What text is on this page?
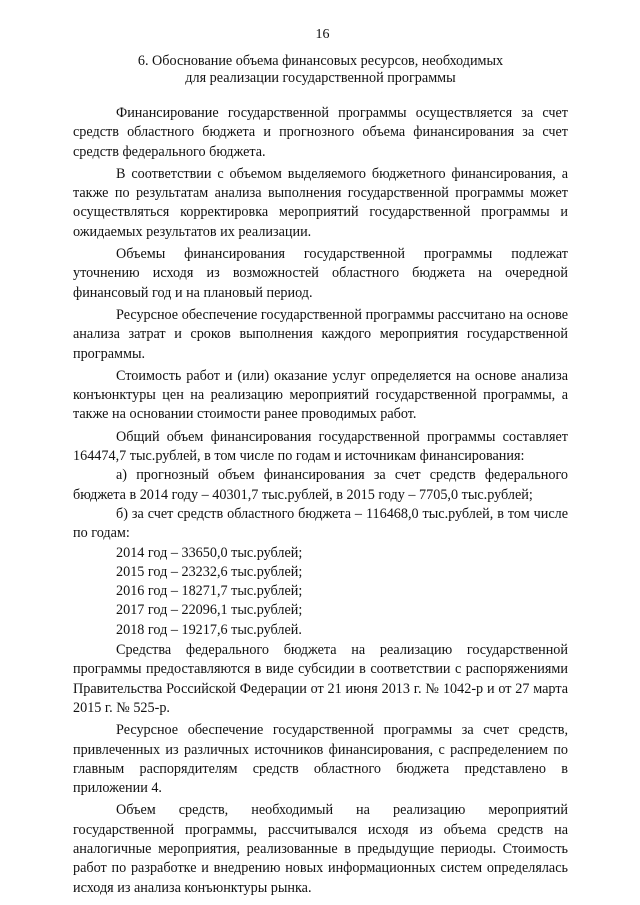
16
6. Обоснование объема финансовых ресурсов, необходимых
для реализации государственной программы

Финансирование государственной программы осуществляется за счет средств областного бюджета и прогнозного объема финансирования за счет средств федерального бюджета.

В соответствии с объемом выделяемого бюджетного финансирования, а также по результатам анализа выполнения государственной программы может осуществляться корректировка мероприятий государственной программы и ожидаемых результатов их реализации.

Объемы финансирования государственной программы подлежат уточнению исходя из возможностей областного бюджета на очередной финансовый год и на плановый период.

Ресурсное обеспечение государственной программы рассчитано на основе анализа затрат и сроков выполнения каждого мероприятия государственной программы.

Стоимость работ и (или) оказание услуг определяется на основе анализа конъюнктуры цен на реализацию мероприятий государственной программы, а также на основании стоимости ранее проводимых работ.

Общий объем финансирования государственной программы составляет 164474,7 тыс.рублей, в том числе по годам и источникам финансирования:

а) прогнозный объем финансирования за счет средств федерального бюджета в 2014 году – 40301,7 тыс.рублей, в 2015 году – 7705,0 тыс.рублей;

б) за счет средств областного бюджета – 116468,0 тыс.рублей, в том числе по годам:

2014 год – 33650,0 тыс.рублей;
2015 год – 23232,6 тыс.рублей;
2016 год – 18271,7 тыс.рублей;
2017 год – 22096,1 тыс.рублей;
2018 год – 19217,6 тыс.рублей.

Средства федерального бюджета на реализацию государственной программы предоставляются в виде субсидии в соответствии с распоряжениями Правительства Российской Федерации от 21 июня 2013 г. № 1042-р и от 27 марта 2015 г. № 525-р.

Ресурсное обеспечение государственной программы за счет средств, привлеченных из различных источников финансирования, с распределением по главным распорядителям средств областного бюджета представлено в приложении 4.

Объем средств, необходимый на реализацию мероприятий государственной программы, рассчитывался исходя из объема средств на аналогичные мероприятия, реализованные в предыдущие периоды. Стоимость работ по разработке и внедрению новых информационных систем определялась исходя из анализа конъюнктуры рынка.
